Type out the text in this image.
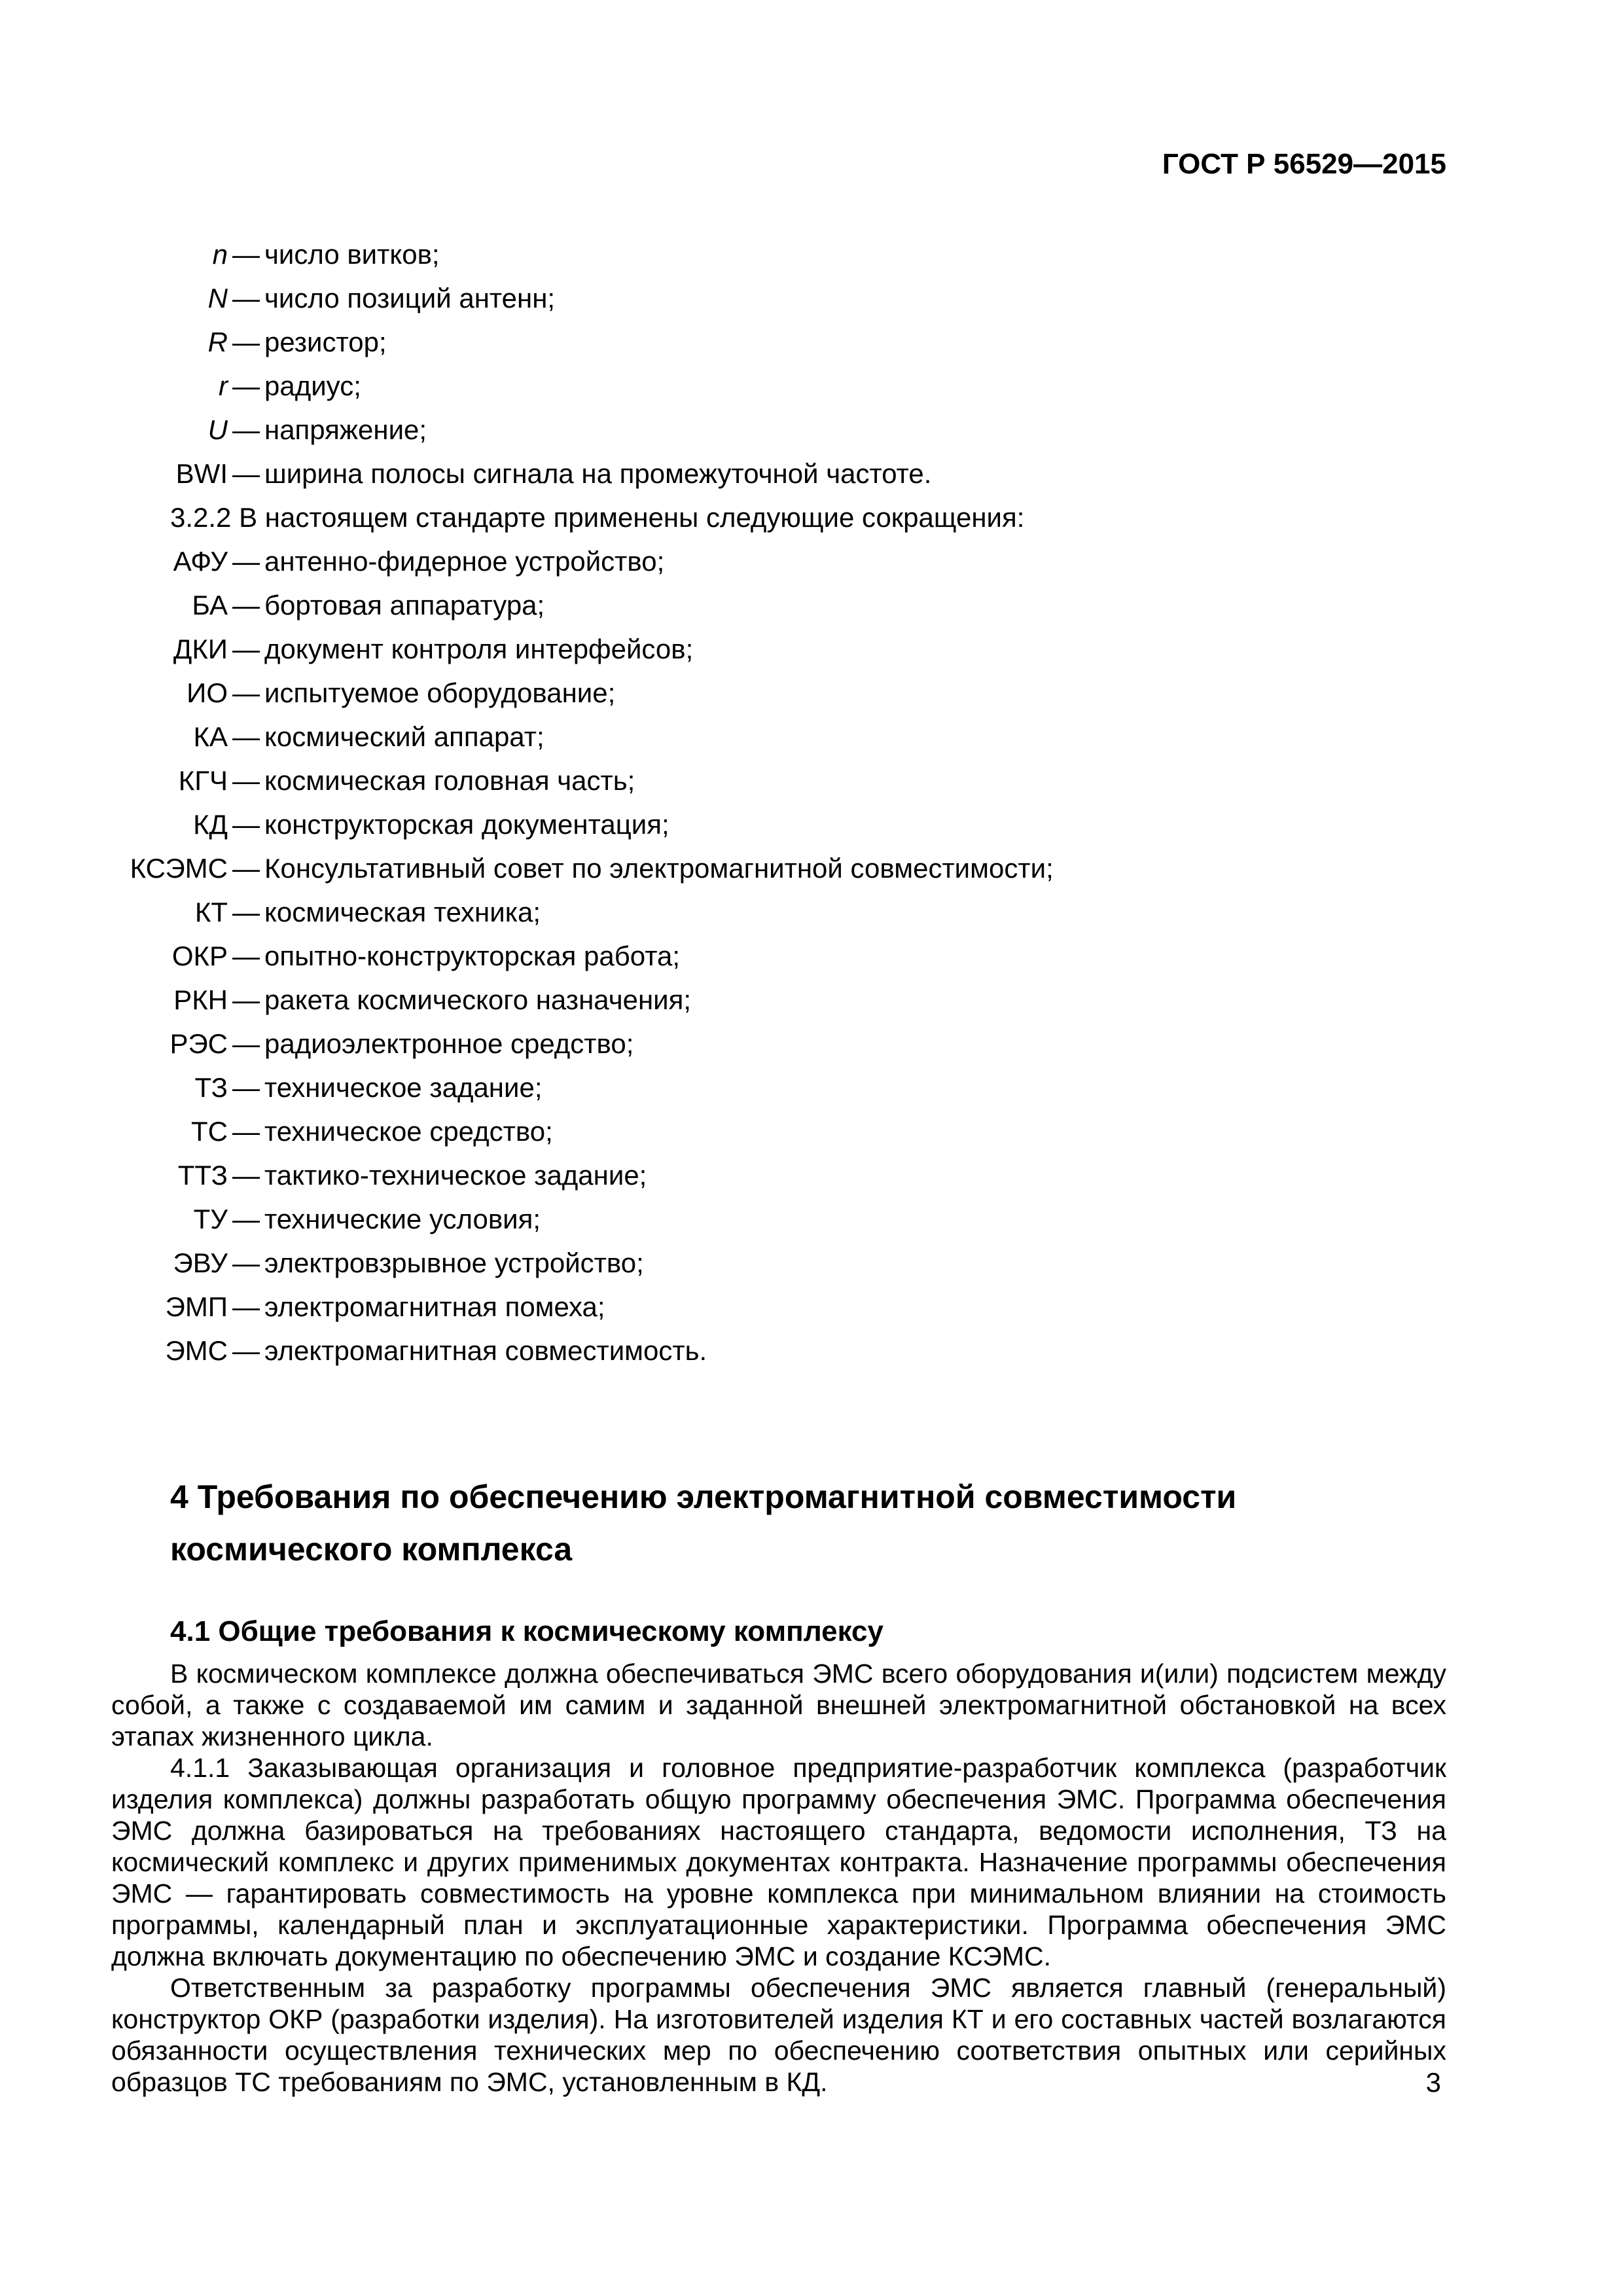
ГОСТ Р 56529—2015
n — число витков;
N — число позиций антенн;
R — резистор;
r — радиус;
U — напряжение;
BWI — ширина полосы сигнала на промежуточной частоте.
3.2.2 В настоящем стандарте применены следующие сокращения:
АФУ — антенно-фидерное устройство;
БА — бортовая аппаратура;
ДКИ — документ контроля интерфейсов;
ИО — испытуемое оборудование;
КА — космический аппарат;
КГЧ — космическая головная часть;
КД — конструкторская документация;
КСЭМС — Консультативный совет по электромагнитной совместимости;
КТ — космическая техника;
ОКР — опытно-конструкторская работа;
РКН — ракета космического назначения;
РЭС — радиоэлектронное средство;
ТЗ — техническое задание;
ТС — техническое средство;
ТТЗ — тактико-техническое задание;
ТУ — технические условия;
ЭВУ — электровзрывное устройство;
ЭМП — электромагнитная помеха;
ЭМС — электромагнитная совместимость.
4 Требования по обеспечению электромагнитной совместимости космического комплекса
4.1 Общие требования к космическому комплексу

В космическом комплексе должна обеспечиваться ЭМС всего оборудования и(или) подсистем между собой, а также с создаваемой им самим и заданной внешней электромагнитной обстановкой на всех этапах жизненного цикла.

4.1.1 Заказывающая организация и головное предприятие-разработчик комплекса (разработчик изделия комплекса) должны разработать общую программу обеспечения ЭМС. Программа обеспечения ЭМС должна базироваться на требованиях настоящего стандарта, ведомости исполнения, ТЗ на космический комплекс и других применимых документах контракта. Назначение программы обеспечения ЭМС — гарантировать совместимость на уровне комплекса при минимальном влиянии на стоимость программы, календарный план и эксплуатационные характеристики. Программа обеспечения ЭМС должна включать документацию по обеспечению ЭМС и создание КСЭМС.

Ответственным за разработку программы обеспечения ЭМС является главный (генеральный) конструктор ОКР (разработки изделия). На изготовителей изделия КТ и его составных частей возлагаются обязанности осуществления технических мер по обеспечению соответствия опытных или серийных образцов ТС требованиям по ЭМС, установленным в КД.	3
